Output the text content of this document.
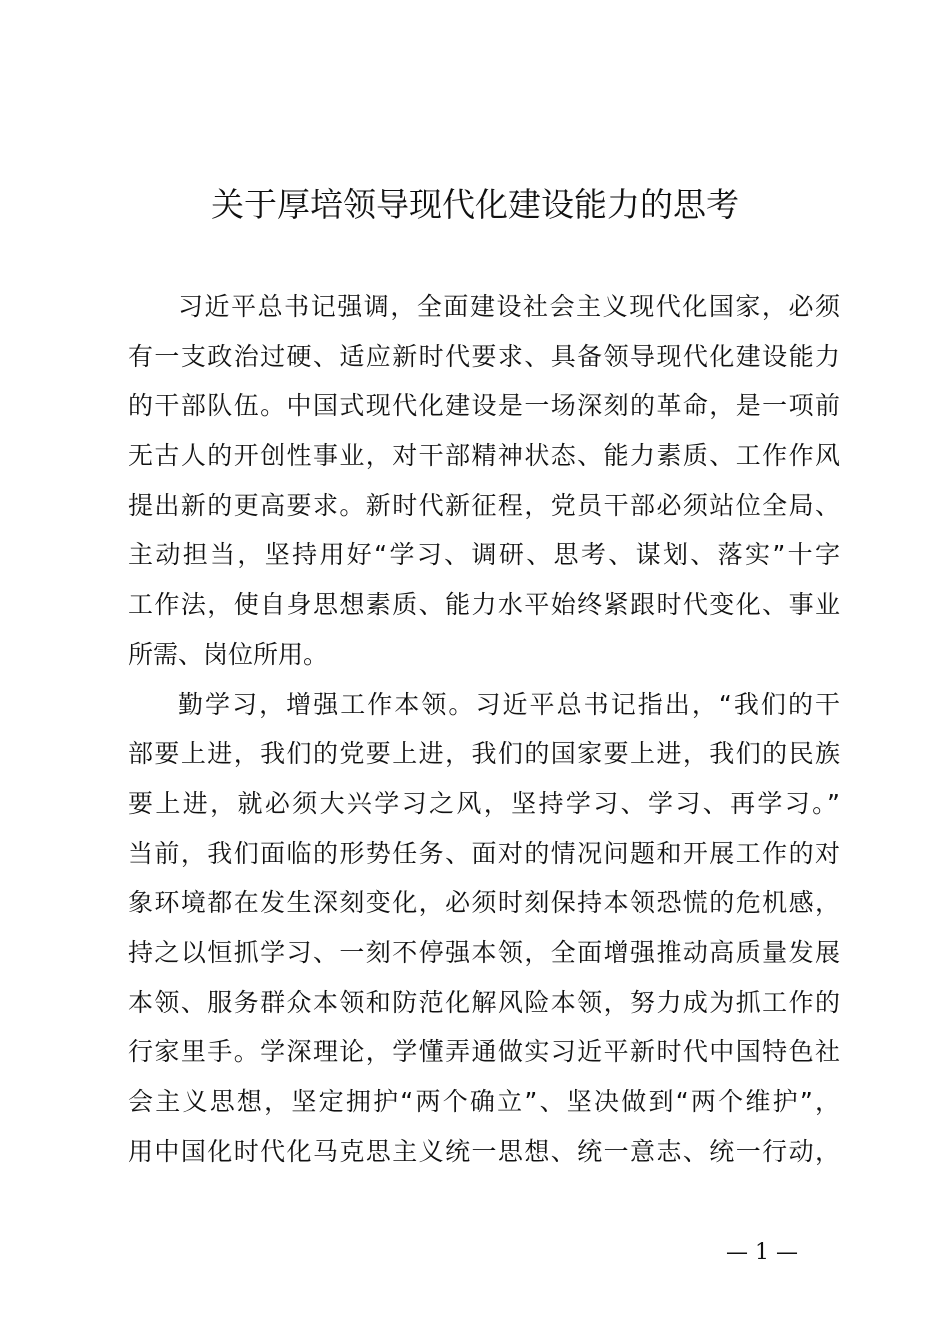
关于厚培领导现代化建设能力的思考
习近平总书记强调，全面建设社会主义现代化国家，必须
有一支政治过硬、适应新时代要求、具备领导现代化建设能力
的干部队伍。中国式现代化建设是一场深刻的革命，是一项前
无古人的开创性事业，对干部精神状态、能力素质、工作作风
提出新的更高要求。新时代新征程，党员干部必须站位全局、
主动担当，坚持用好“学习、调研、思考、谋划、落实”十字
工作法，使自身思想素质、能力水平始终紧跟时代变化、事业
所需、岗位所用。
勤学习，增强工作本领。习近平总书记指出，“我们的干
部要上进，我们的党要上进，我们的国家要上进，我们的民族
要上进，就必须大兴学习之风，坚持学习、学习、再学习。”
当前，我们面临的形势任务、面对的情况问题和开展工作的对
象环境都在发生深刻变化，必须时刻保持本领恐慌的危机感，
持之以恒抓学习、一刻不停强本领，全面增强推动高质量发展
本领、服务群众本领和防范化解风险本领，努力成为抓工作的
行家里手。学深理论，学懂弄通做实习近平新时代中国特色社
会主义思想，坚定拥护“两个确立”、坚决做到“两个维护”，
用中国化时代化马克思主义统一思想、统一意志、统一行动，
— 1 —
